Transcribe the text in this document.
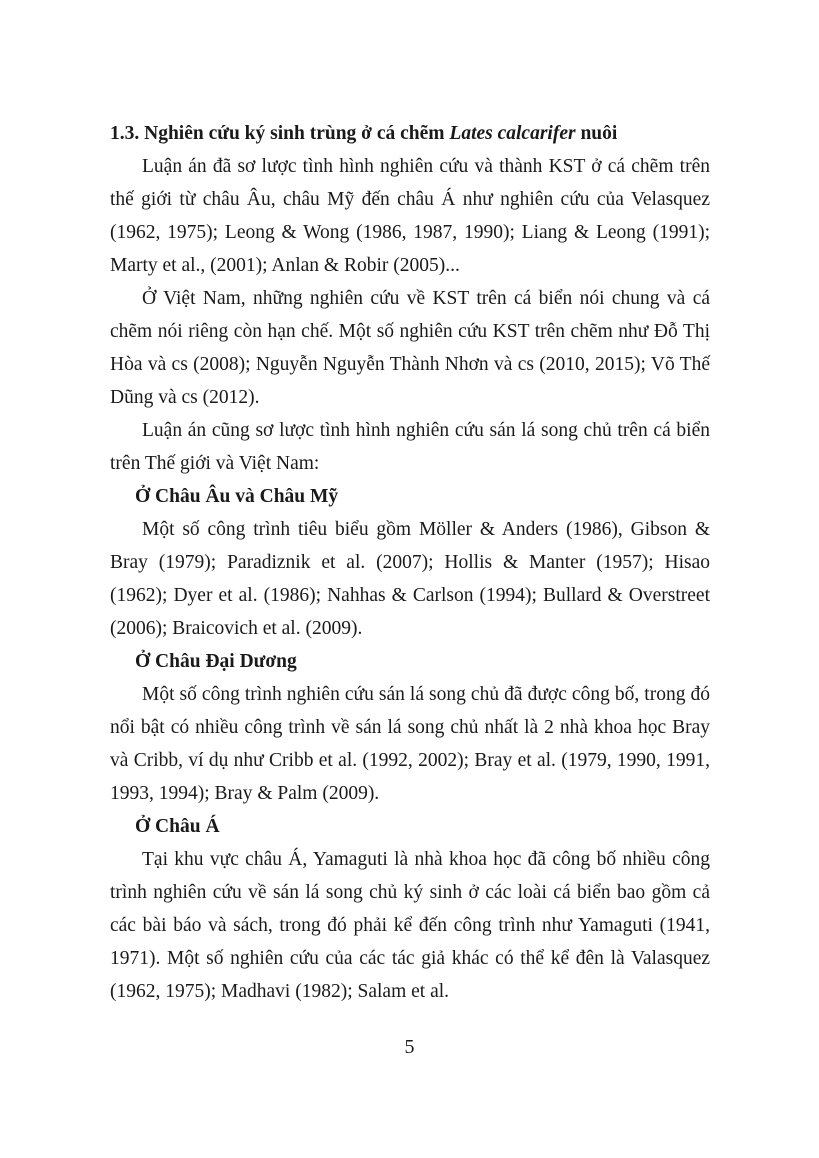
1.3. Nghiên cứu ký sinh trùng ở cá chẽm Lates calcarifer nuôi

Luận án đã sơ lược tình hình nghiên cứu và thành KST ở cá chẽm trên thế giới từ châu Âu, châu Mỹ đến châu Á như nghiên cứu của Velasquez (1962, 1975); Leong & Wong (1986, 1987, 1990); Liang & Leong (1991); Marty et al., (2001); Anlan & Robir (2005)...

Ở Việt Nam, những nghiên cứu về KST trên cá biển nói chung và cá chẽm nói riêng còn hạn chế. Một số nghiên cứu KST trên chẽm như Đỗ Thị Hòa và cs (2008); Nguyễn Nguyễn Thành Nhơn và cs (2010, 2015); Võ Thế Dũng và cs (2012).

Luận án cũng sơ lược tình hình nghiên cứu sán lá song chủ trên cá biển trên Thế giới và Việt Nam:

Ở Châu Âu và Châu Mỹ

Một số công trình tiêu biểu gồm Möller & Anders (1986), Gibson & Bray (1979); Paradiznik et al. (2007); Hollis & Manter (1957); Hisao (1962); Dyer et al. (1986); Nahhas & Carlson (1994); Bullard & Overstreet (2006); Braicovich et al. (2009).

Ở Châu Đại Dương

Một số công trình nghiên cứu sán lá song chủ đã được công bố, trong đó nổi bật có nhiều công trình về sán lá song chủ nhất là 2 nhà khoa học Bray và Cribb, ví dụ như Cribb et al. (1992, 2002); Bray et al. (1979, 1990, 1991, 1993, 1994); Bray & Palm (2009).

Ở Châu Á

Tại khu vực châu Á, Yamaguti là nhà khoa học đã công bố nhiều công trình nghiên cứu về sán lá song chủ ký sinh ở các loài cá biển bao gồm cả các bài báo và sách, trong đó phải kể đến công trình như Yamaguti (1941, 1971). Một số nghiên cứu của các tác giả khác có thể kể đên là Valasquez (1962, 1975); Madhavi (1982); Salam et al.

5
